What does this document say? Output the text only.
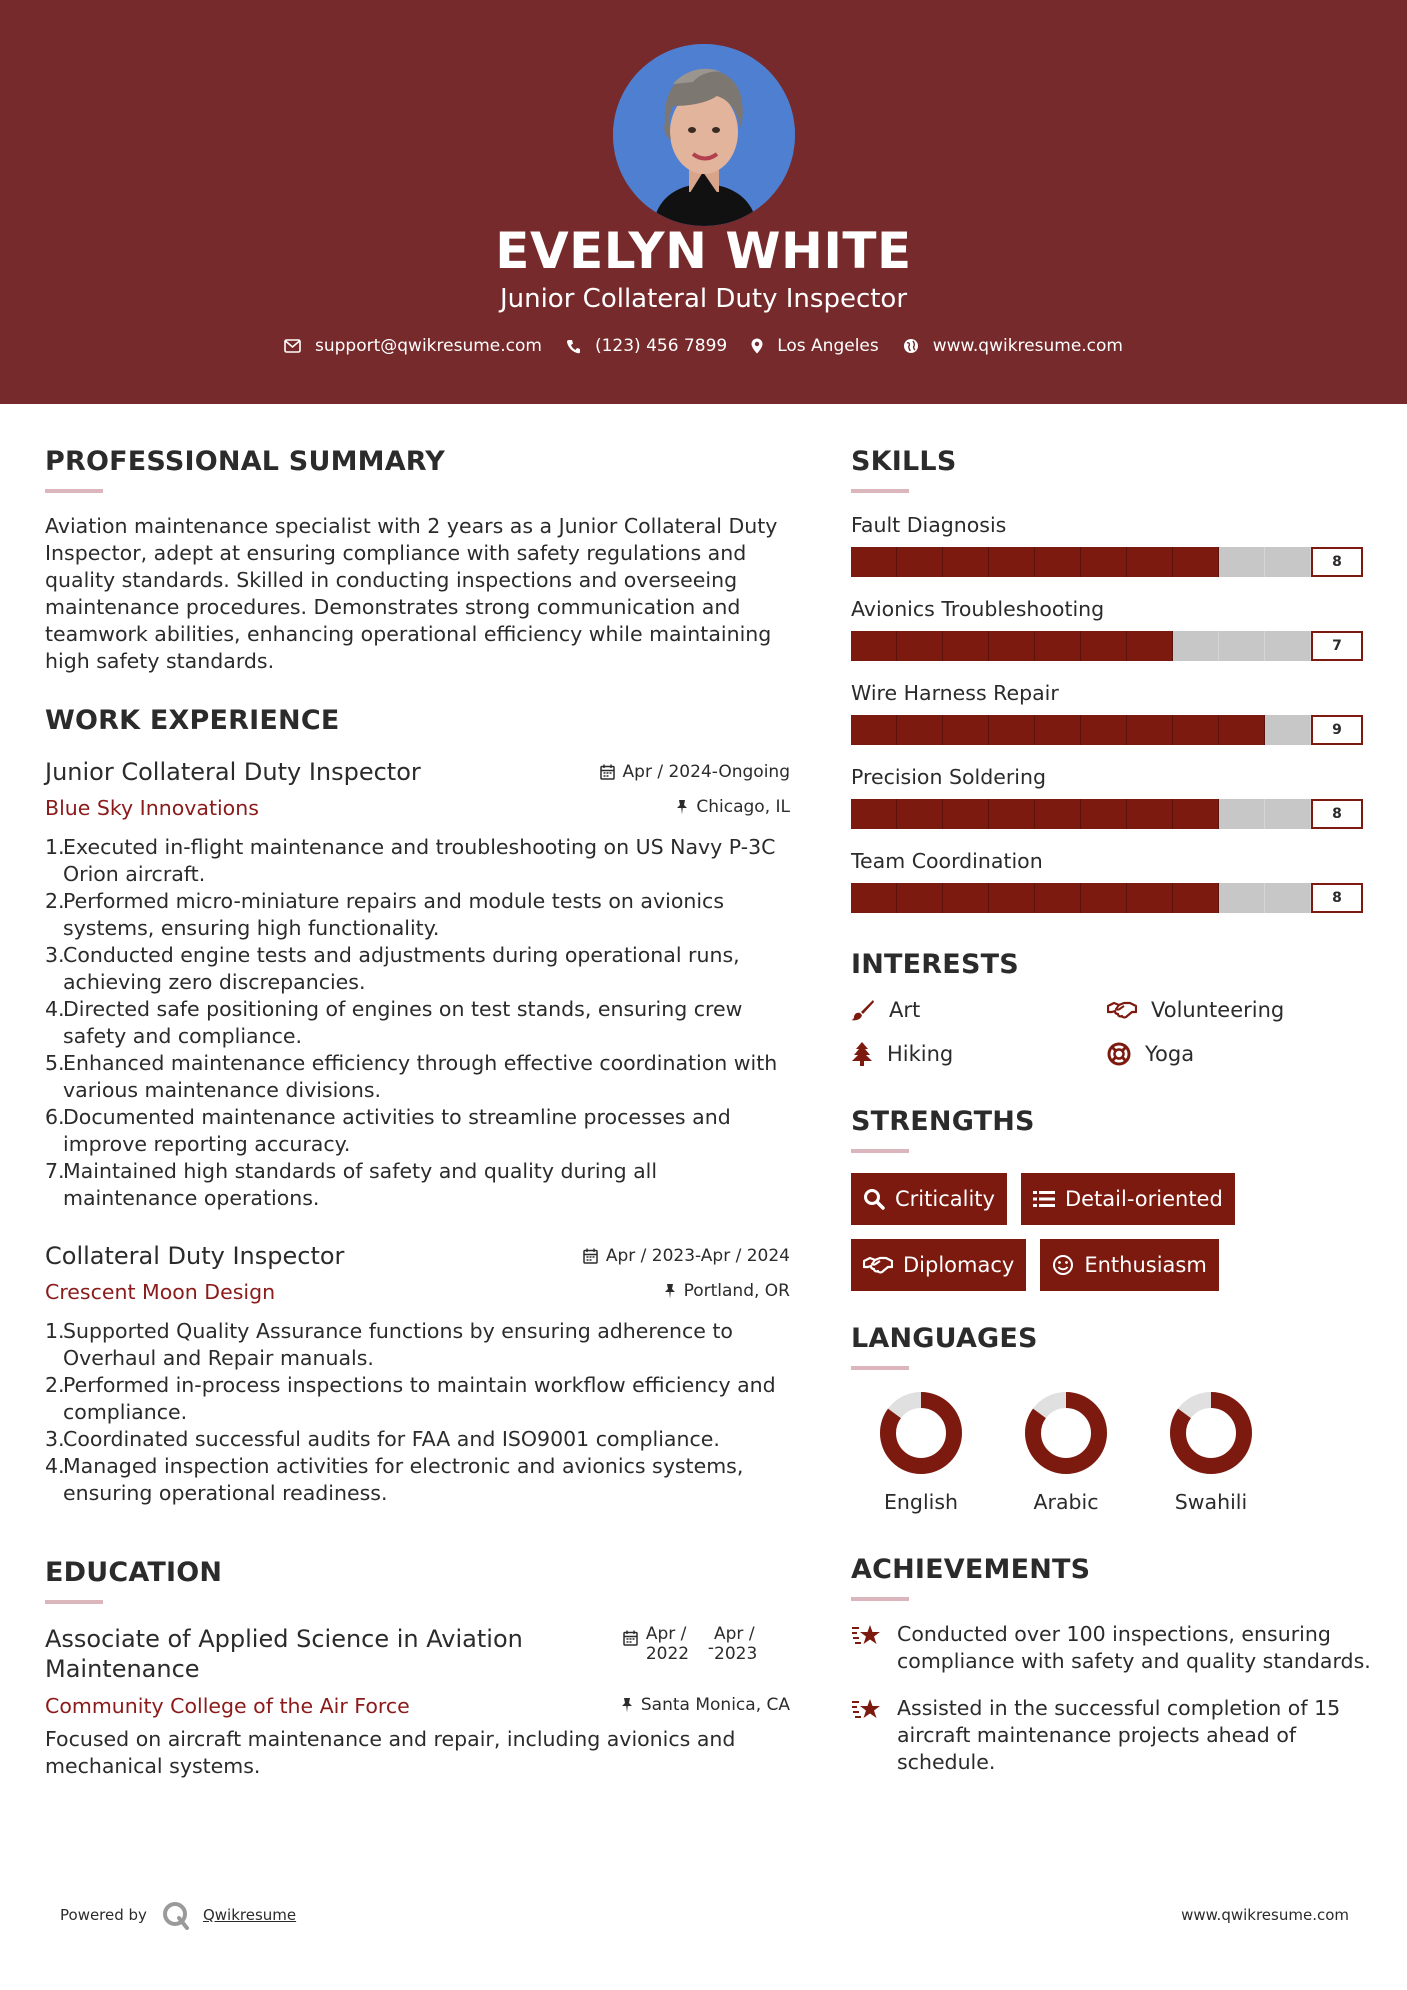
EVELYN WHITE
Junior Collateral Duty Inspector
support@qwikresume.com	(123) 456 7899	Los Angeles	www.qwikresume.com
PROFESSIONAL SUMMARY
Aviation maintenance specialist with 2 years as a Junior Collateral Duty Inspector, adept at ensuring compliance with safety regulations and quality standards. Skilled in conducting inspections and overseeing maintenance procedures. Demonstrates strong communication and teamwork abilities, enhancing operational efficiency while maintaining high safety standards.
WORK EXPERIENCE
Junior Collateral Duty Inspector	Apr / 2024-Ongoing
Blue Sky Innovations	Chicago, IL
Executed in-flight maintenance and troubleshooting on US Navy P-3C Orion aircraft.
Performed micro-miniature repairs and module tests on avionics systems, ensuring high functionality.
Conducted engine tests and adjustments during operational runs, achieving zero discrepancies.
Directed safe positioning of engines on test stands, ensuring crew safety and compliance.
Enhanced maintenance efficiency through effective coordination with various maintenance divisions.
Documented maintenance activities to streamline processes and improve reporting accuracy.
Maintained high standards of safety and quality during all maintenance operations.
Collateral Duty Inspector	Apr / 2023-Apr / 2024
Crescent Moon Design	Portland, OR
Supported Quality Assurance functions by ensuring adherence to Overhaul and Repair manuals.
Performed in-process inspections to maintain workflow efficiency and compliance.
Coordinated successful audits for FAA and ISO9001 compliance.
Managed inspection activities for electronic and avionics systems, ensuring operational readiness.
EDUCATION
Associate of Applied Science in Aviation Maintenance
Apr / 2022 -
Apr / 2023
Community College of the Air Force	Santa Monica, CA
Focused on aircraft maintenance and repair, including avionics and mechanical systems.
SKILLS
Fault Diagnosis
8
Avionics Troubleshooting
7
Wire Harness Repair
9
Precision Soldering
8
Team Coordination
8
INTERESTS
Art	Volunteering
Hiking	Yoga
STRENGTHS
Criticality	Detail-oriented
Diplomacy	Enthusiasm
LANGUAGES
English	Arabic	Swahili
ACHIEVEMENTS
Conducted over 100 inspections, ensuring compliance with safety and quality standards.
Assisted in the successful completion of 15 aircraft maintenance projects ahead of schedule.
Powered by	Qwikresume	www.qwikresume.com
